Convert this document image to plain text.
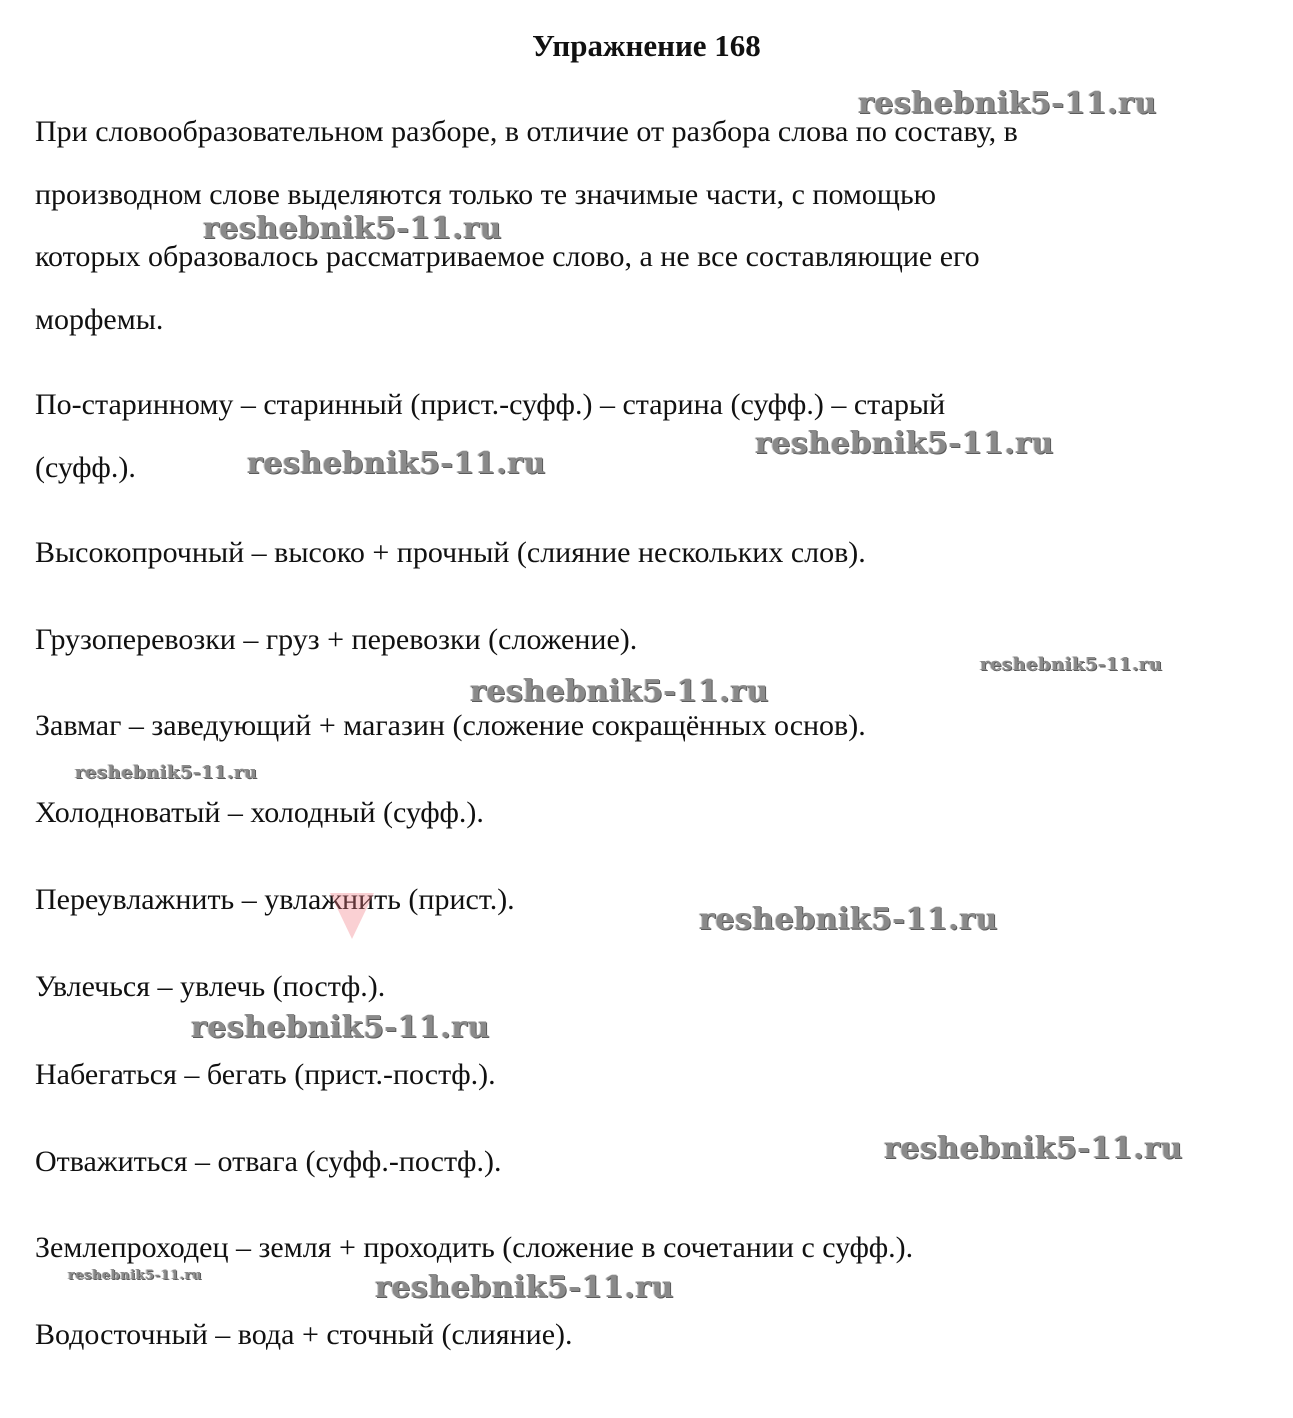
Упражнение 168
При словообразовательном разборе, в отличие от разбора слова по составу, в
производном слове выделяются только те значимые части, с помощью
которых образовалось рассматриваемое слово, а не все составляющие его
морфемы.
По-старинному – старинный (прист.-суфф.) – старина (суфф.) – старый
(суфф.).
Высокопрочный – высоко + прочный (слияние нескольких слов).
Грузоперевозки – груз + перевозки (сложение).
Завмаг – заведующий + магазин (сложение сокращённых основ).
Холодноватый – холодный (суфф.).
Переувлажнить – увлажнить (прист.).
Увлечься – увлечь (постф.).
Набегаться – бегать (прист.-постф.).
Отважиться – отвага (суфф.-постф.).
Землепроходец – земля + проходить (сложение в сочетании с суфф.).
Водосточный – вода + сточный (слияние).
reshebnik5-11.ru
reshebnik5-11.ru
reshebnik5-11.ru
reshebnik5-11.ru
reshebnik5-11.ru
reshebnik5-11.ru
reshebnik5-11.ru
reshebnik5-11.ru
reshebnik5-11.ru
reshebnik5-11.ru
reshebnik5-11.ru	reshebnik5-11.ru
